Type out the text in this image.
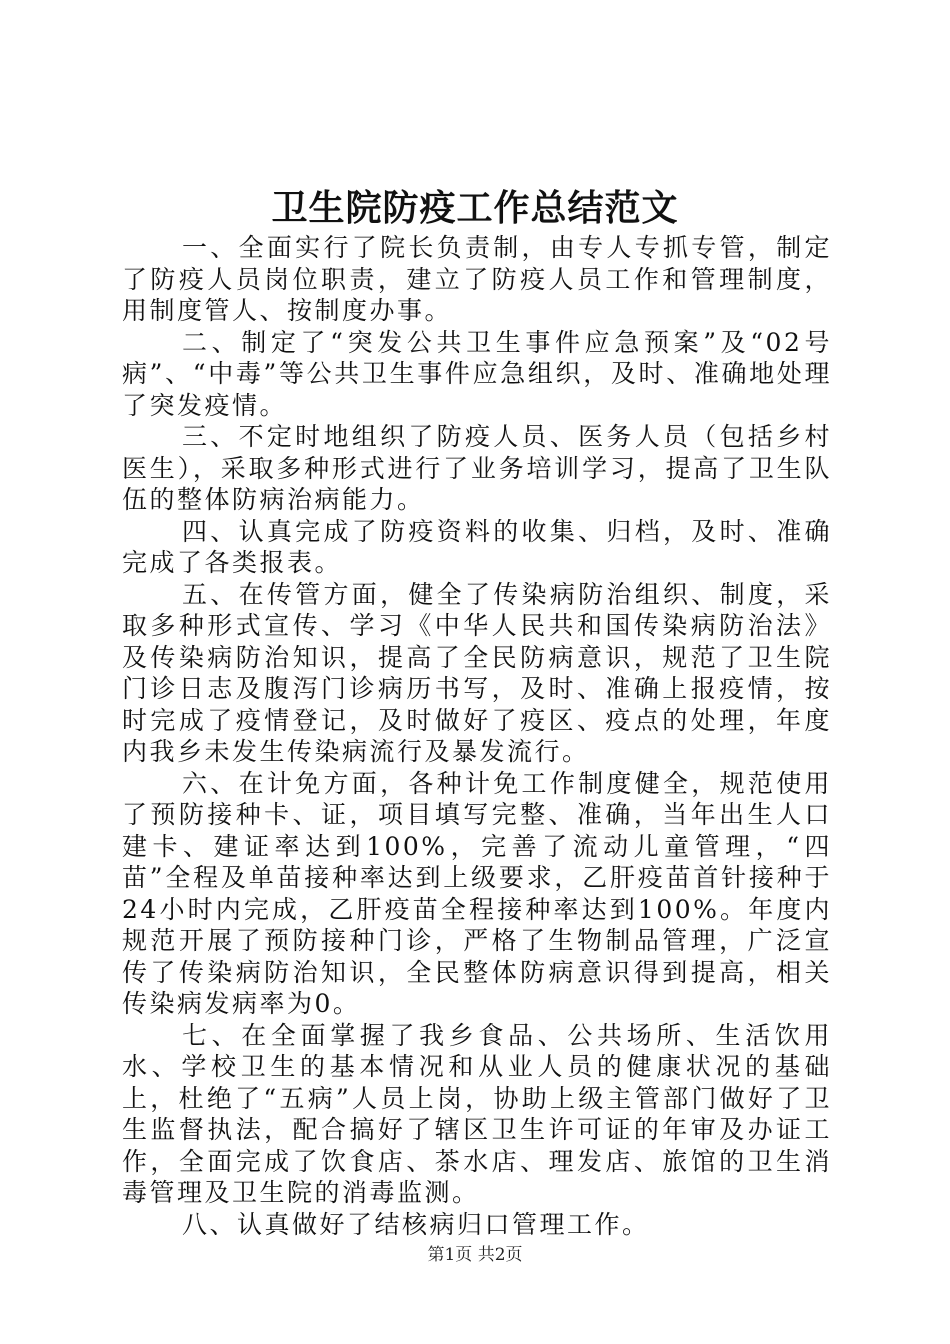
卫生院防疫工作总结范文

一、全面实行了院长负责制，由专人专抓专管，制定了防疫人员岗位职责，建立了防疫人员工作和管理制度，用制度管人、按制度办事。

二、制定了“突发公共卫生事件应急预案”及“02号病”、“中毒”等公共卫生事件应急组织，及时、准确地处理了突发疫情。

三、不定时地组织了防疫人员、医务人员（包括乡村医生），采取多种形式进行了业务培训学习，提高了卫生队伍的整体防病治病能力。

四、认真完成了防疫资料的收集、归档，及时、准确完成了各类报表。

五、在传管方面，健全了传染病防治组织、制度，采取多种形式宣传、学习《中华人民共和国传染病防治法》及传染病防治知识，提高了全民防病意识，规范了卫生院门诊日志及腹泻门诊病历书写，及时、准确上报疫情，按时完成了疫情登记，及时做好了疫区、疫点的处理，年度内我乡未发生传染病流行及暴发流行。

六、在计免方面，各种计免工作制度健全，规范使用了预防接种卡、证，项目填写完整、准确，当年出生人口建卡、建证率达到100%，完善了流动儿童管理，“四苗”全程及单苗接种率达到上级要求，乙肝疫苗首针接种于24小时内完成，乙肝疫苗全程接种率达到100%。年度内规范开展了预防接种门诊，严格了生物制品管理，广泛宣传了传染病防治知识，全民整体防病意识得到提高，相关传染病发病率为0。

七、在全面掌握了我乡食品、公共场所、生活饮用水、学校卫生的基本情况和从业人员的健康状况的基础上，杜绝了“五病”人员上岗，协助上级主管部门做好了卫生监督执法，配合搞好了辖区卫生许可证的年审及办证工作，全面完成了饮食店、茶水店、理发店、旅馆的卫生消毒管理及卫生院的消毒监测。

八、认真做好了结核病归口管理工作。

第1页 共2页
